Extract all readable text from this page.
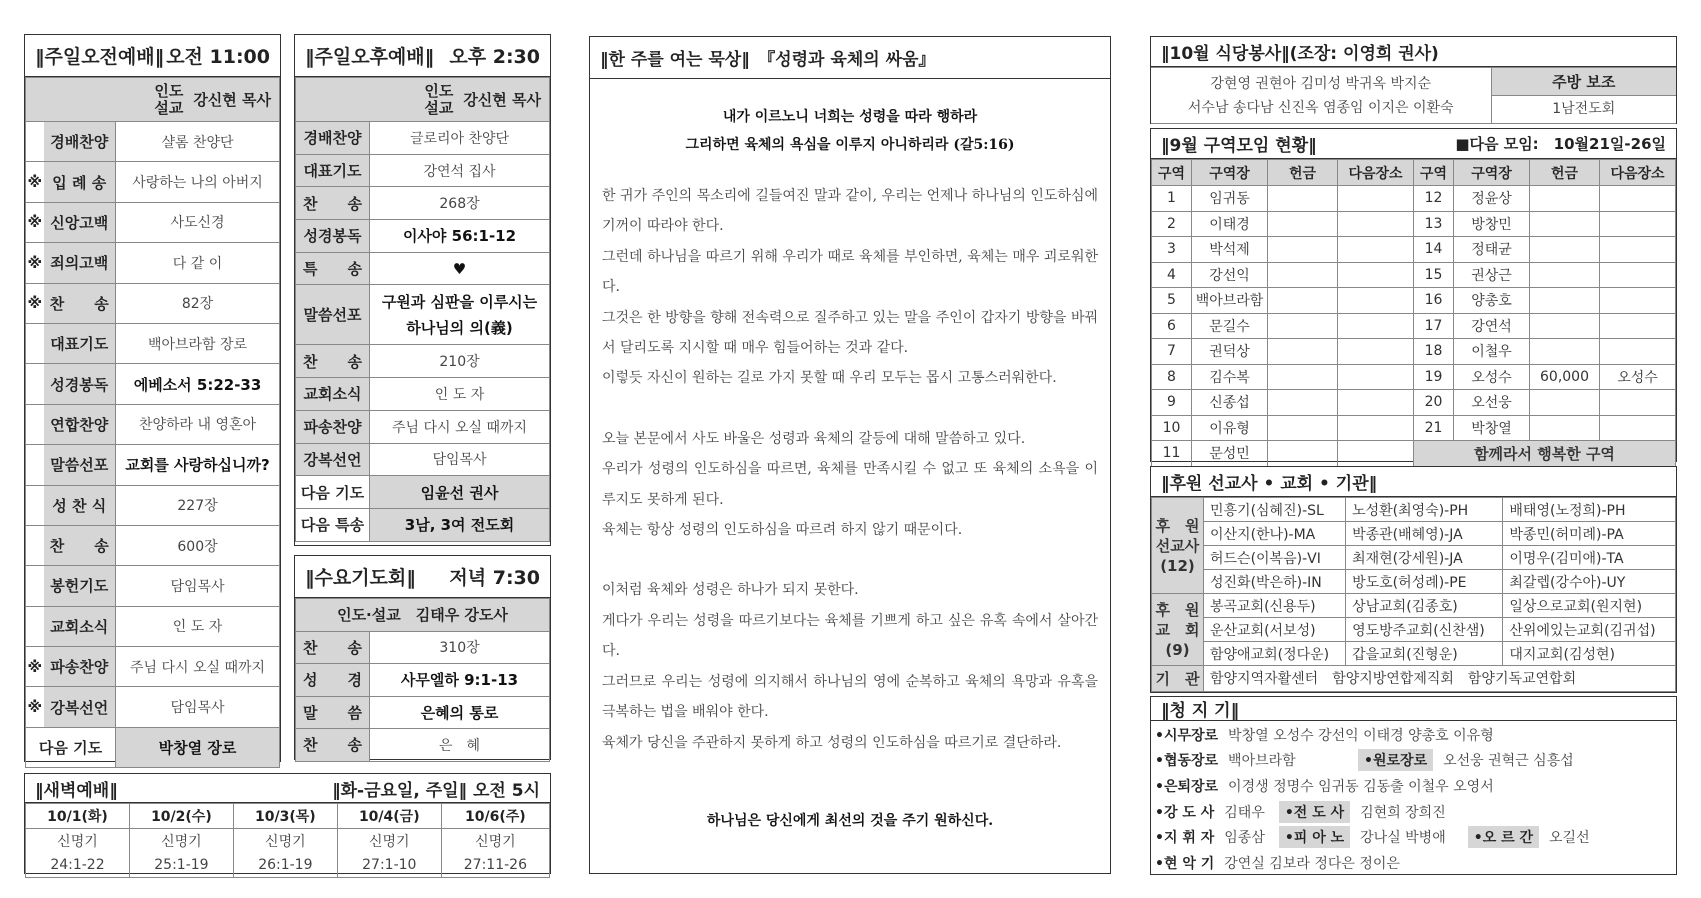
‖주일오전예배‖ 오전 11:00
인도
설교 강신현 목사		

	경배찬양	샬롬 찬양단
※	입 례 송	사랑하는 나의 아버지
※	신앙고백	사도신경
※	죄의고백	다 같 이
※	찬　　송	82장
	대표기도	백아브라함 장로
	성경봉독	에베소서 5:22-33
	연합찬양	찬양하라 내 영혼아
	말씀선포	교회를 사랑하십니까?
	성 찬 식	227장
	찬　　송	600장
	봉헌기도	담임목사
	교회소식	인 도 자
※	파송찬양	주님 다시 오실 때까지
※	강복선언	담임목사
다음 기도		박창열 장로
‖새벽예배‖	‖화-금요일, 주일‖ 오전 5시
10/1(화)	10/2(수)	10/3(목)	10/4(금)	10/6(주)
신명기	신명기	신명기	신명기	신명기
24:1-22	25:1-19	26:1-19	27:1-10	27:11-26
‖주일오후예배‖ 오후 2:30
인도
설교 강신현 목사	

경배찬양	글로리아 찬양단
대표기도	강연석 집사
찬　　송	268장
성경봉독	이사야 56:1-12
특　　송	♥
말씀선포	구원과 심판을 이루시는
하나님의 의(義)

찬　　송	210장
교회소식	인 도 자
파송찬양	주님 다시 오실 때까지
강복선언	담임목사
다음 기도	임윤선 권사
다음 특송	3남, 3여 전도회
‖수요기도회‖ 저녁 7:30
인도·설교　김태우 강도사	
찬　　송	310장
성　　경	사무엘하 9:1-13
말　　씀	은혜의 통로
찬　　송	은　혜
‖한 주를 여는 묵상‖　『성령과 육체의 싸움』
내가 이르노니 너희는 성령을 따라 행하라
그리하면 육체의 욕심을 이루지 아니하리라 (갈5:16)

한 귀가 주인의 목소리에 길들여진 말과 같이, 우리는 언제나 하나님의 인도하심에 기꺼이 따라야 한다.

그런데 하나님을 따르기 위해 우리가 때로 육체를 부인하면, 육체는 매우 괴로워한다.

그것은 한 방향을 향해 전속력으로 질주하고 있는 말을 주인이 갑자기 방향을 바꿔서 달리도록 지시할 때 매우 힘들어하는 것과 같다.

이렇듯 자신이 원하는 길로 가지 못할 때 우리 모두는 몹시 고통스러워한다.

오늘 본문에서 사도 바울은 성령과 육체의 갈등에 대해 말씀하고 있다.

우리가 성령의 인도하심을 따르면, 육체를 만족시킬 수 없고 또 육체의 소욕을 이루지도 못하게 된다.

육체는 항상 성령의 인도하심을 따르려 하지 않기 때문이다.

이처럼 육체와 성령은 하나가 되지 못한다.

게다가 우리는 성령을 따르기보다는 육체를 기쁘게 하고 싶은 유혹 속에서 살아간다.

그러므로 우리는 성령에 의지해서 하나님의 영에 순복하고 육체의 욕망과 유혹을 극복하는 법을 배워야 한다.

육체가 당신을 주관하지 못하게 하고 성령의 인도하심을 따르기로 결단하라.

하나님은 당신에게 최선의 것을 주기 원하신다.
‖10월 식당봉사‖(조장: 이영희 권사)
강현영 권현아 김미성 박귀옥 박지순
서수남 송다남 신진옥 염종임 이지은 이환숙

주방 보조
1남전도회
‖9월 구역모임 현황‖	■다음 모임:　10월21일-26일
구역	구역장	헌금	다음장소	구역	구역장	헌금	다음장소
1	임귀동			12	정윤상		
2	이태경			13	방창민		
3	박석제			14	정태균		
4	강선익			15	권상근		
5	백아브라함			16	양총호		
6	문길수			17	강연석		
7	권덕상			18	이철우		
8	김수복			19	오성수	60,000	오성수
9	신종섭			20	오선웅		
10	이유형			21	박창열		
11	문성민			함께라서 행복한 구역			
‖후원 선교사 • 교회 • 기관‖
후　원
선교사
(12)	민흥기(심혜진)-SL	노성환(최영숙)-PH	배태영(노정희)-PH
	이산지(한나)-MA	박종관(배혜영)-JA	박종민(허미례)-PA
	허드슨(이복음)-VI	최재현(강세원)-JA	이명우(김미애)-TA
	성진화(박은하)-IN	방도호(허성례)-PE	최갈렙(강수아)-UY
후　원
교　회
(9)	봉곡교회(신용두)	상남교회(김종호)	일상으로교회(원지현)
	운산교회(서보성)	영도방주교회(신찬샘)	산위에있는교회(김귀섭)
	함양애교회(정다운)	갑을교회(진형운)	대지교회(김성현)
기　관	함양지역자활센터　함양지방연합제직회　함양기독교연합회		
‖청 지 기‖
•시무장로 박창열 오성수 강선익 이태경 양총호 이유형
•협동장로 백아브라함	•원로장로	오선웅 권혁근 심흥섭
•은퇴장로 이경생 정명수 임귀동 김동출 이철우 오영서
•강 도 사 김태우	•전 도 사	김현희 장희진
•지 휘 자 임종삼	•피 아 노	강나실 박병애	•오 르 간	오길선
•현 악 기 강연실 김보라 정다은 정이은
